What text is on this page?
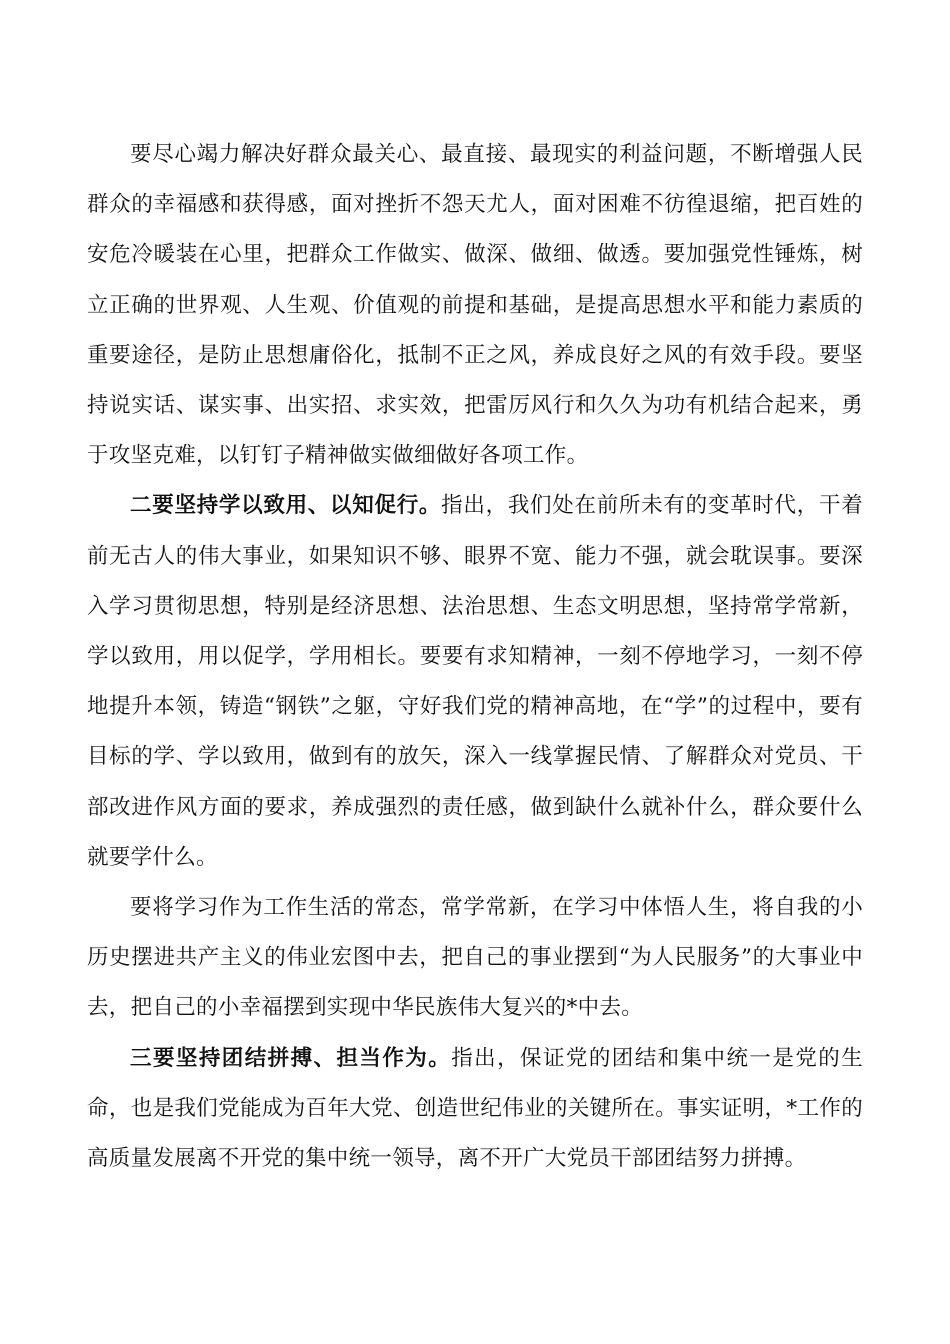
要尽心竭力解决好群众最关心、最直接、最现实的利益问题，不断增强人民群众的幸福感和获得感，面对挫折不怨天尤人，面对困难不彷徨退缩，把百姓的安危冷暖装在心里，把群众工作做实、做深、做细、做透。要加强党性锤炼，树立正确的世界观、人生观、价值观的前提和基础，是提高思想水平和能力素质的重要途径，是防止思想庸俗化，抵制不正之风，养成良好之风的有效手段。要坚持说实话、谋实事、出实招、求实效，把雷厉风行和久久为功有机结合起来，勇于攻坚克难，以钉钉子精神做实做细做好各项工作。

二要坚持学以致用、以知促行。指出，我们处在前所未有的变革时代，干着前无古人的伟大事业，如果知识不够、眼界不宽、能力不强，就会耽误事。要深入学习贯彻思想，特别是经济思想、法治思想、生态文明思想，坚持常学常新，学以致用，用以促学，学用相长。要要有求知精神，一刻不停地学习，一刻不停地提升本领，铸造“钢铁”之躯，守好我们党的精神高地，在“学”的过程中，要有目标的学、学以致用，做到有的放矢，深入一线掌握民情、了解群众对党员、干部改进作风方面的要求，养成强烈的责任感，做到缺什么就补什么，群众要什么就要学什么。

要将学习作为工作生活的常态，常学常新，在学习中体悟人生，将自我的小历史摆进共产主义的伟业宏图中去，把自己的事业摆到“为人民服务”的大事业中去，把自己的小幸福摆到实现中华民族伟大复兴的*中去。

三要坚持团结拼搏、担当作为。指出，保证党的团结和集中统一是党的生命，也是我们党能成为百年大党、创造世纪伟业的关键所在。事实证明，*工作的高质量发展离不开党的集中统一领导，离不开广大党员干部团结努力拼搏。
